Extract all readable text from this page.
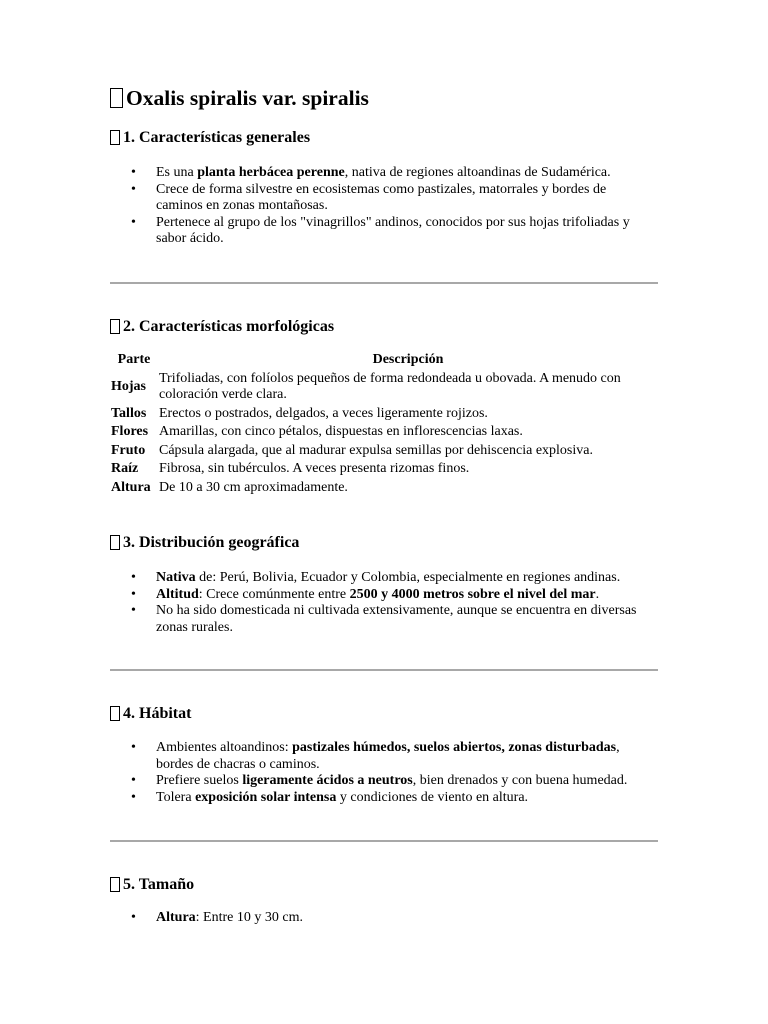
Oxalis spiralis var. spiralis
1. Características generales
• Es una planta herbácea perenne, nativa de regiones altoandinas de Sudamérica.
• Crece de forma silvestre en ecosistemas como pastizales, matorrales y bordes de caminos en zonas montañosas.
• Pertenece al grupo de los "vinagrillos" andinos, conocidos por sus hojas trifoliadas y sabor ácido.
2. Características morfológicas
Parte	Descripción
Hojas	Trifoliadas, con folíolos pequeños de forma redondeada u obovada. A menudo con coloración verde clara.
Tallos	Erectos o postrados, delgados, a veces ligeramente rojizos.
Flores	Amarillas, con cinco pétalos, dispuestas en inflorescencias laxas.
Fruto	Cápsula alargada, que al madurar expulsa semillas por dehiscencia explosiva.
Raíz	Fibrosa, sin tubérculos. A veces presenta rizomas finos.
Altura	De 10 a 30 cm aproximadamente.
3. Distribución geográfica
• Nativa de: Perú, Bolivia, Ecuador y Colombia, especialmente en regiones andinas.
• Altitud: Crece comúnmente entre 2500 y 4000 metros sobre el nivel del mar.
• No ha sido domesticada ni cultivada extensivamente, aunque se encuentra en diversas zonas rurales.
4. Hábitat
• Ambientes altoandinos: pastizales húmedos, suelos abiertos, zonas disturbadas, bordes de chacras o caminos.
• Prefiere suelos ligeramente ácidos a neutros, bien drenados y con buena humedad.
• Tolera exposición solar intensa y condiciones de viento en altura.
5. Tamaño
• Altura: Entre 10 y 30 cm.
